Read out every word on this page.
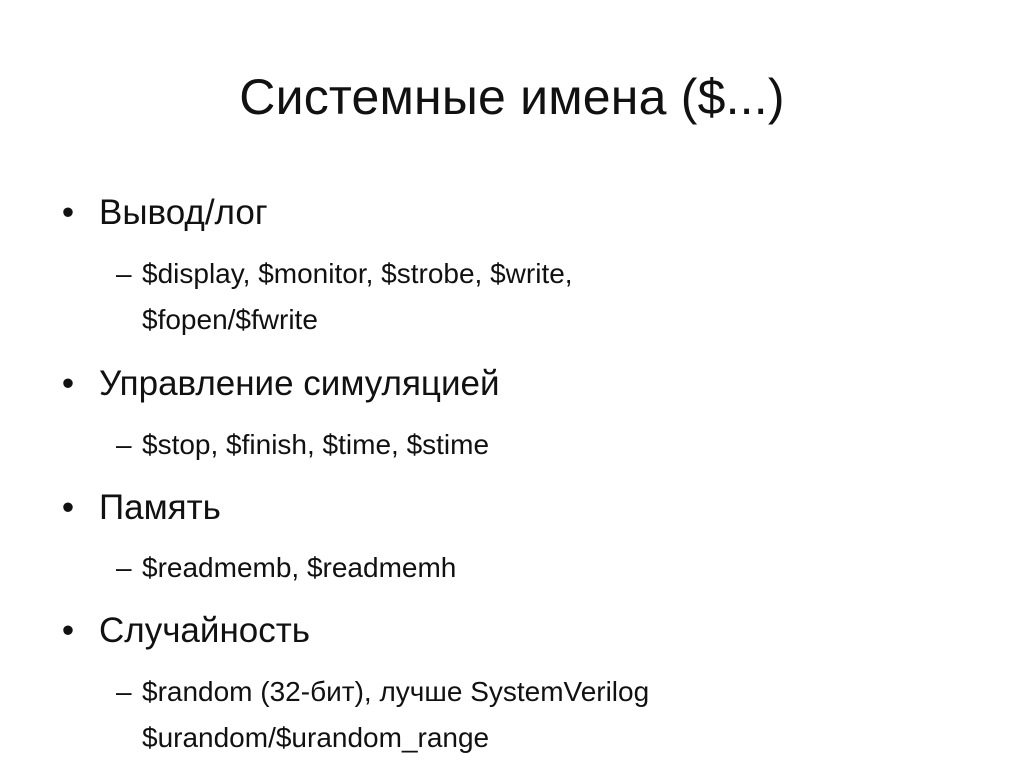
Системные имена ($...)
• Вывод/лог
– $display, $monitor, $strobe, $write,
$fopen/$fwrite
• Управление симуляцией
– $stop, $finish, $time, $stime
• Память
– $readmemb, $readmemh
• Случайность
– $random (32-бит), лучше SystemVerilog
$urandom/$urandom_range
